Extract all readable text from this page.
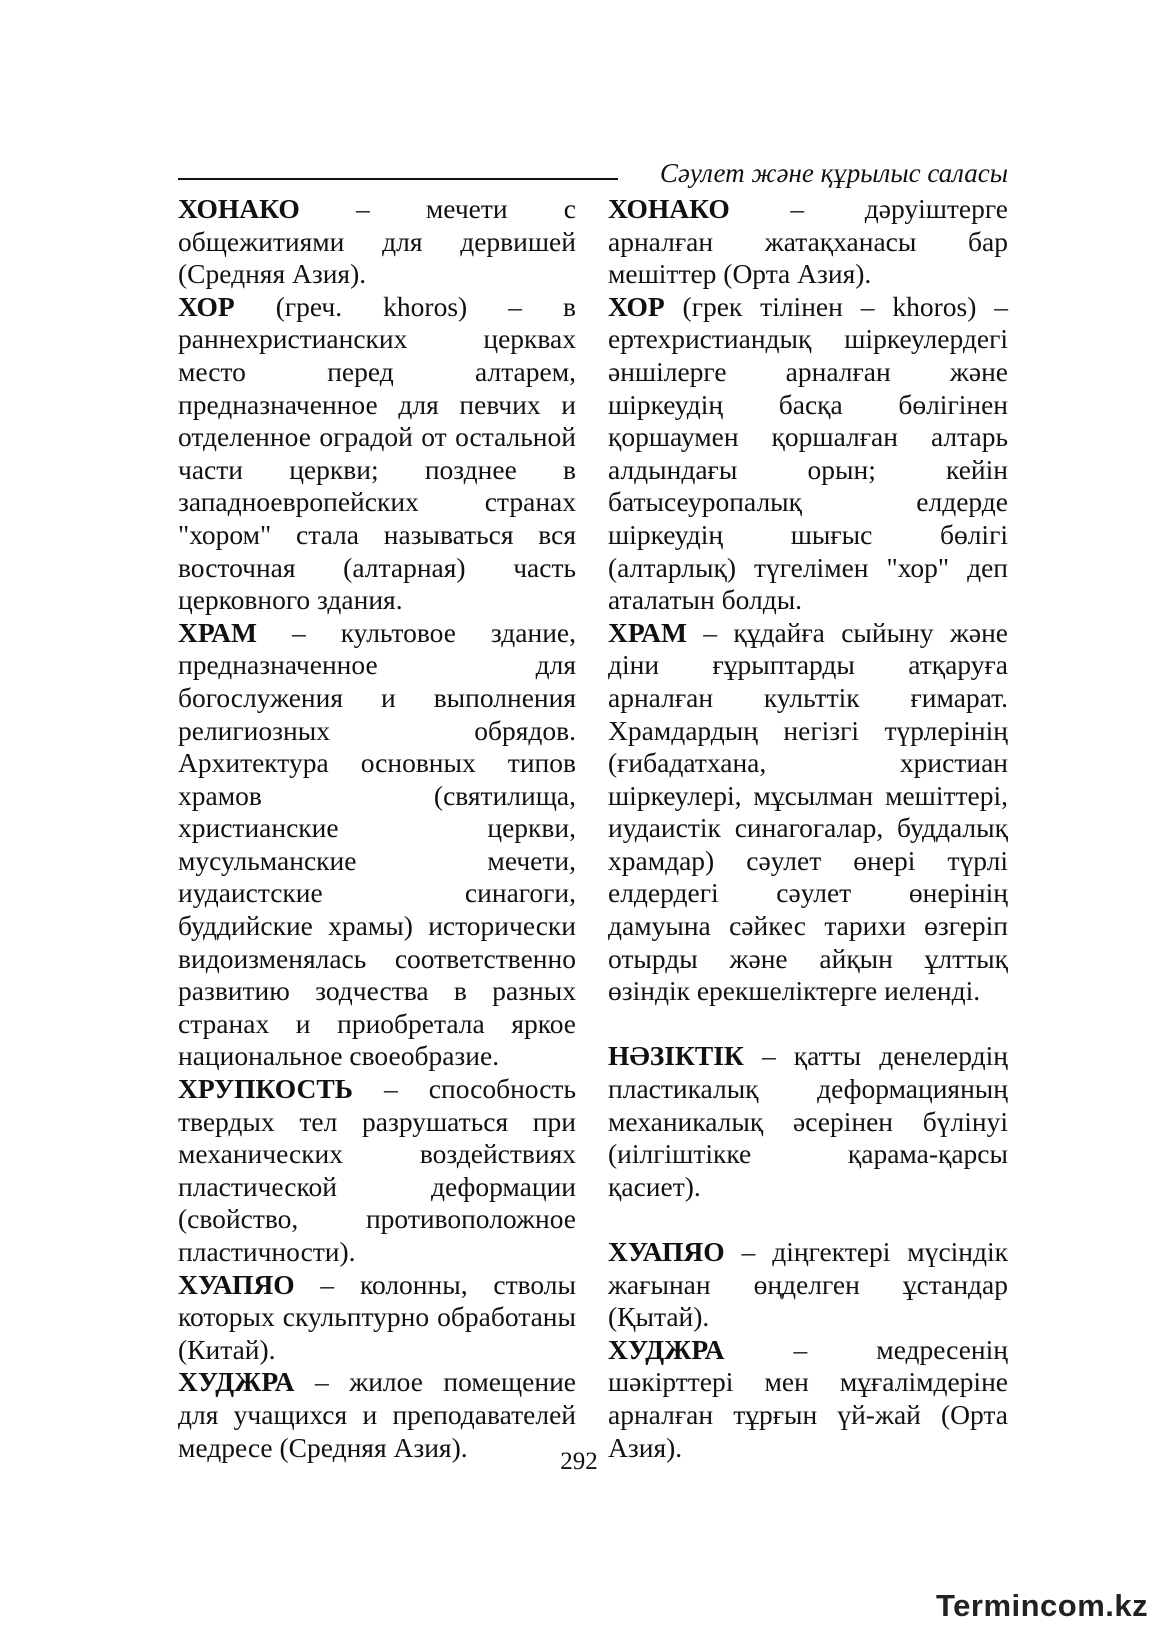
Сәулет және құрылыс саласы

ХОНАКО – мечети с общежитиями для дервишей (Средняя Азия).

ХОР (греч. khoros) – в раннехристианских церквах место перед алтарем, предназначенное для певчих и отделенное оградой от остальной части церкви; позднее в западноевропейских странах "хором" стала называться вся восточная (алтарная) часть церковного здания.

ХРАМ – культовое здание, предназначенное для богослужения и выполнения религиозных обрядов. Архитектура основных типов храмов (святилища, христианские церкви, мусульманские мечети, иудаистские синагоги, буддийские храмы) исторически видоизменялась соответственно развитию зодчества в разных странах и приобретала яркое национальное своеобразие.

ХРУПКОСТЬ – способность твердых тел разрушаться при механических воздействиях пластической деформации (свойство, противоположное пластичности).

ХУАПЯО – колонны, стволы которых скульптурно обработаны (Китай).

ХУДЖРА – жилое помещение для учащихся и преподавателей медресе (Средняя Азия).

ХОНАКО – дәруіштерге арналған жатақханасы бар мешіттер (Орта Азия).

ХОР (грек тілінен – khoros) – ертехристиандық шіркеулердегі әншілерге арналған және шіркеудің басқа бөлігінен қоршаумен қоршалған алтарь алдындағы орын; кейін батысеуропалық елдерде шіркеудің шығыс бөлігі (алтарлық) түгелімен "хор" деп аталатын болды.

ХРАМ – құдайға сыйыну және діни ғұрыптарды атқаруға арналған культтік ғимарат. Храмдардың негізгі түрлерінің (ғибадатхана, христиан шіркеулері, мұсылман мешіттері, иудаистік синагогалар, буддалық храмдар) сәулет өнері түрлі елдердегі сәулет өнерінің дамуына сәйкес тарихи өзгеріп отырды және айқын ұлттық өзіндік ерекшеліктерге иеленді.

НӘЗІКТІК – қатты денелердің пластикалық деформацияның механикалық әсерінен бүлінуі (иілгіштікке қарама-қарсы қасиет).

ХУАПЯО – діңгектері мүсіндік жағынан өңделген ұстандар (Қытай).

ХУДЖРА – медресенің шәкірттері мен мұғалімдеріне арналған тұрғын үй-жай (Орта Азия).

292
Termincom.kz
